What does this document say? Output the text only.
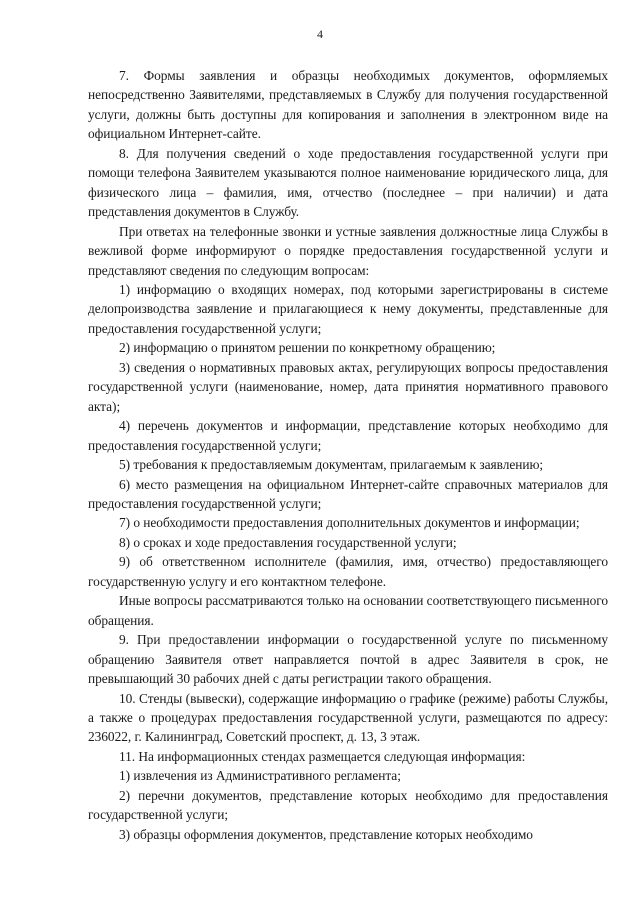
4

7. Формы заявления и образцы необходимых документов, оформляемых непосредственно Заявителями, представляемых в Службу для получения государственной услуги, должны быть доступны для копирования и заполнения в электронном виде на официальном Интернет-сайте.

8. Для получения сведений о ходе предоставления государственной услуги при помощи телефона Заявителем указываются полное наименование юридического лица, для физического лица – фамилия, имя, отчество (последнее – при наличии) и дата представления документов в Службу.

При ответах на телефонные звонки и устные заявления должностные лица Службы в вежливой форме информируют о порядке предоставления государственной услуги и представляют сведения по следующим вопросам:

1) информацию о входящих номерах, под которыми зарегистрированы в системе делопроизводства заявление и прилагающиеся к нему документы, представленные для предоставления государственной услуги;

2) информацию о принятом решении по конкретному обращению;

3) сведения о нормативных правовых актах, регулирующих вопросы предоставления государственной услуги (наименование, номер, дата принятия нормативного правового акта);

4) перечень документов и информации, представление которых необходимо для предоставления государственной услуги;

5) требования к предоставляемым документам, прилагаемым к заявлению;

6) место размещения на официальном Интернет-сайте справочных материалов для предоставления государственной услуги;

7) о необходимости предоставления дополнительных документов и информации;

8) о сроках и ходе предоставления государственной услуги;

9) об ответственном исполнителе (фамилия, имя, отчество) предоставляющего государственную услугу и его контактном телефоне.

Иные вопросы рассматриваются только на основании соответствующего письменного обращения.

9. При предоставлении информации о государственной услуге по письменному обращению Заявителя ответ направляется почтой в адрес Заявителя в срок, не превышающий 30 рабочих дней с даты регистрации такого обращения.

10. Стенды (вывески), содержащие информацию о графике (режиме) работы Службы, а также о процедурах предоставления государственной услуги, размещаются по адресу: 236022, г. Калининград, Советский проспект, д. 13, 3 этаж.

11. На информационных стендах размещается следующая информация:

1) извлечения из Административного регламента;

2) перечни документов, представление которых необходимо для предоставления государственной услуги;

3) образцы оформления документов, представление которых необходимо
